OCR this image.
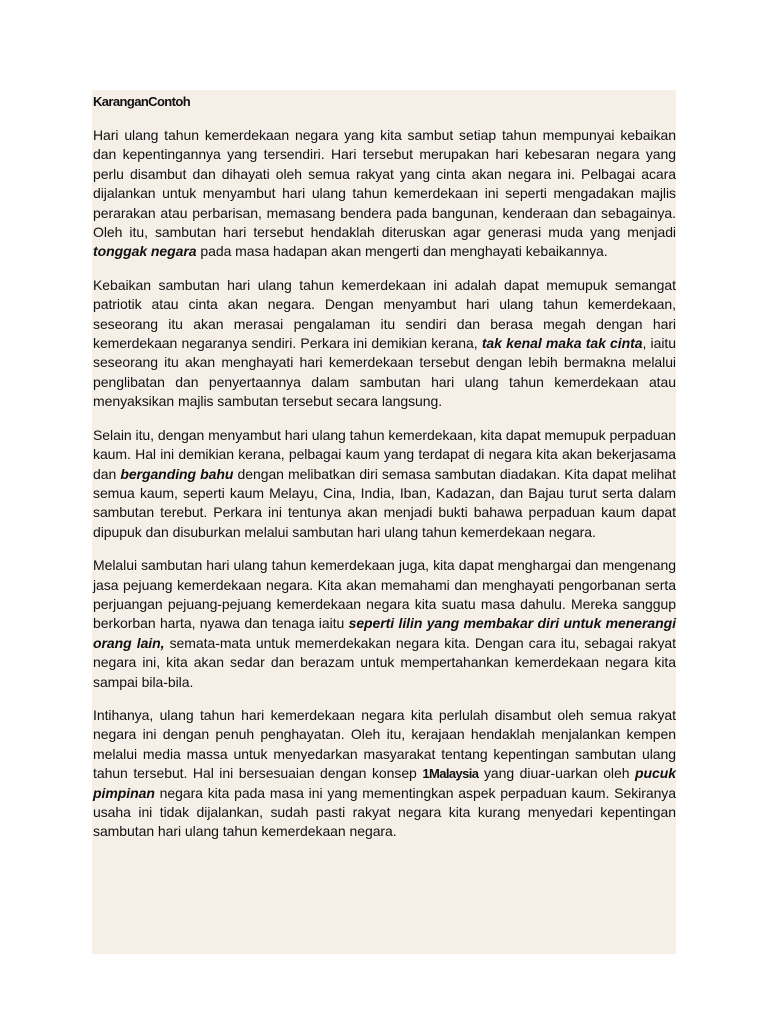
KaranganContoh

Hari ulang tahun kemerdekaan negara yang kita sambut setiap tahun mempunyai kebaikan dan kepentingannya yang tersendiri. Hari tersebut merupakan hari kebesaran negara yang perlu disambut dan dihayati oleh semua rakyat yang cinta akan negara ini. Pelbagai acara dijalankan untuk menyambut hari ulang tahun kemerdekaan ini seperti mengadakan majlis perarakan atau perbarisan, memasang bendera pada bangunan, kenderaan dan sebagainya. Oleh itu, sambutan hari tersebut hendaklah diteruskan agar generasi muda yang menjadi tonggak negara pada masa hadapan akan mengerti dan menghayati kebaikannya.

Kebaikan sambutan hari ulang tahun kemerdekaan ini adalah dapat memupuk semangat patriotik atau cinta akan negara. Dengan menyambut hari ulang tahun kemerdekaan, seseorang itu akan merasai pengalaman itu sendiri dan berasa megah dengan hari kemerdekaan negaranya sendiri. Perkara ini demikian kerana, tak kenal maka tak cinta, iaitu seseorang itu akan menghayati hari kemerdekaan tersebut dengan lebih bermakna melalui penglibatan dan penyertaannya dalam sambutan hari ulang tahun kemerdekaan atau menyaksikan majlis sambutan tersebut secara langsung.

Selain itu, dengan menyambut hari ulang tahun kemerdekaan, kita dapat memupuk perpaduan kaum. Hal ini demikian kerana, pelbagai kaum yang terdapat di negara kita akan bekerjasama dan berganding bahu dengan melibatkan diri semasa sambutan diadakan. Kita dapat melihat semua kaum, seperti kaum Melayu, Cina, India, Iban, Kadazan, dan Bajau turut serta dalam sambutan terebut. Perkara ini tentunya akan menjadi bukti bahawa perpaduan kaum dapat dipupuk dan disuburkan melalui sambutan hari ulang tahun kemerdekaan negara.

Melalui sambutan hari ulang tahun kemerdekaan juga, kita dapat menghargai dan mengenang jasa pejuang kemerdekaan negara. Kita akan memahami dan menghayati pengorbanan serta perjuangan pejuang-pejuang kemerdekaan negara kita suatu masa dahulu. Mereka sanggup berkorban harta, nyawa dan tenaga iaitu seperti lilin yang membakar diri untuk menerangi orang lain, semata-mata untuk memerdekakan negara kita. Dengan cara itu, sebagai rakyat negara ini, kita akan sedar dan berazam untuk mempertahankan kemerdekaan negara kita sampai bila-bila.

Intihanya, ulang tahun hari kemerdekaan negara kita perlulah disambut oleh semua rakyat negara ini dengan penuh penghayatan. Oleh itu, kerajaan hendaklah menjalankan kempen melalui media massa untuk menyedarkan masyarakat tentang kepentingan sambutan ulang tahun tersebut. Hal ini bersesuaian dengan konsep 1Malaysia yang diuar-uarkan oleh pucuk pimpinan negara kita pada masa ini yang mementingkan aspek perpaduan kaum. Sekiranya usaha ini tidak dijalankan, sudah pasti rakyat negara kita kurang menyedari kepentingan sambutan hari ulang tahun kemerdekaan negara.
